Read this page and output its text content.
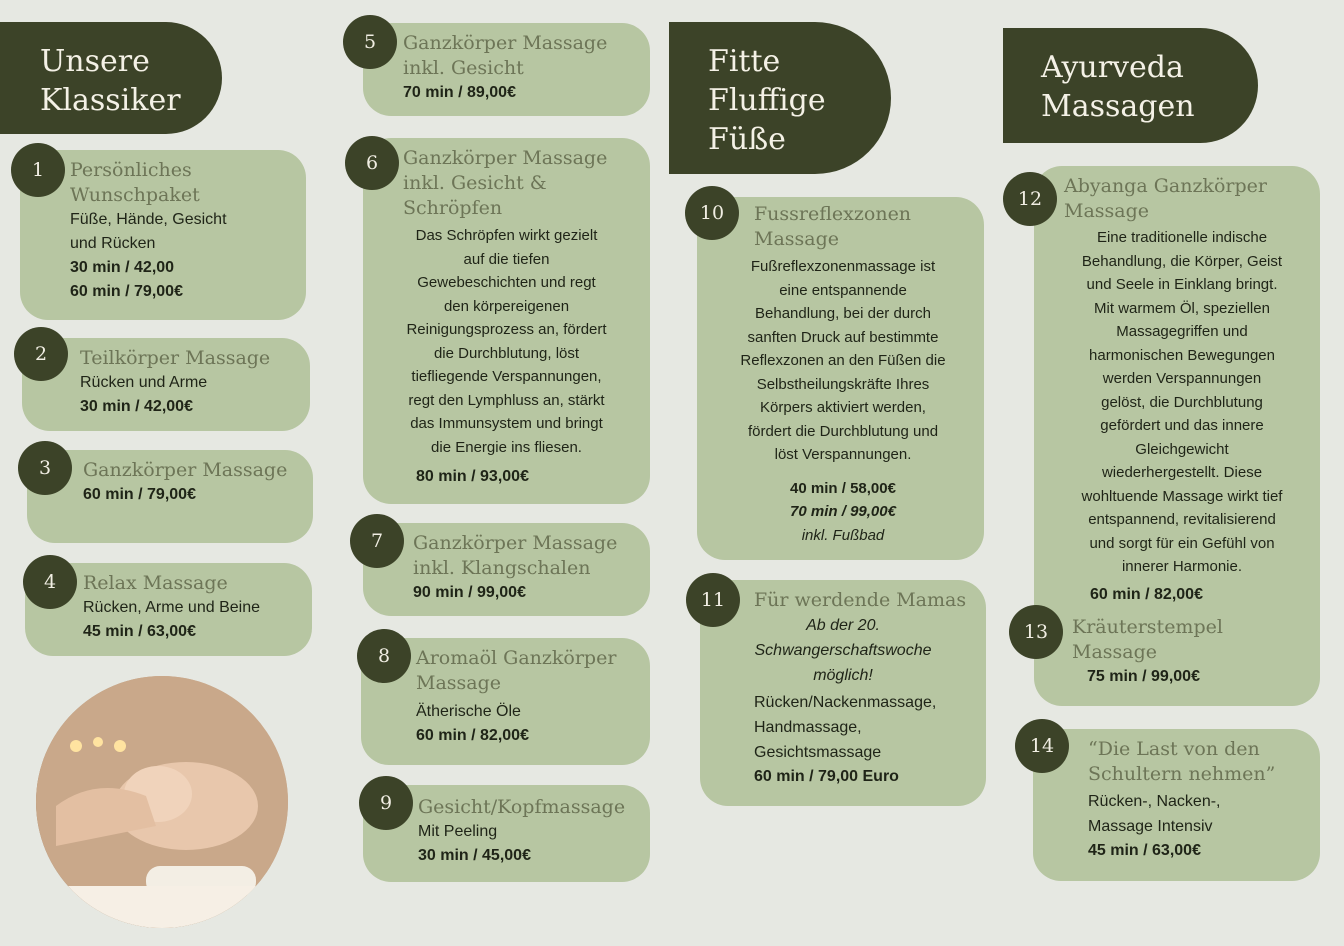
Unsere
Klassiker
Fitte
Fluffige
Füße
Ayurveda
Massagen
Persönliches
Wunschpaket
Füße, Hände, Gesicht
und Rücken
30 min / 42,00
60 min / 79,00€
1
Teilkörper Massage
Rücken und Arme
30 min / 42,00€
2
Ganzkörper Massage
60 min / 79,00€
3
Relax Massage
Rücken, Arme und Beine
45 min / 63,00€
4
Ganzkörper Massage
inkl. Gesicht
70 min / 89,00€
5
Ganzkörper Massage
inkl. Gesicht &
Schröpfen
Das Schröpfen wirkt gezielt
auf die tiefen
Gewebeschichten und regt
den körpereigenen
Reinigungsprozess an, fördert
die Durchblutung, löst
tiefliegende Verspannungen,
regt den Lymphluss an, stärkt
das Immunsystem und bringt
die Energie ins fliesen.
80 min / 93,00€
6
Ganzkörper Massage
inkl. Klangschalen
90 min / 99,00€
7
Aromaöl Ganzkörper
Massage
Ätherische Öle
60 min / 82,00€
8
Gesicht/Kopfmassage
Mit Peeling
30 min / 45,00€
9
Fussreflexzonen
Massage
Fußreflexzonenmassage ist
eine entspannende
Behandlung, bei der durch
sanften Druck auf bestimmte
Reflexzonen an den Füßen die
Selbstheilungskräfte Ihres
Körpers aktiviert werden,
fördert die Durchblutung und
löst Verspannungen.
40 min / 58,00€
70 min / 99,00€
inkl. Fußbad
10
Für werdende Mamas
Ab der 20.
Schwangerschaftswoche
möglich!
Rücken/Nackenmassage,
Handmassage,
Gesichtsmassage
60 min / 79,00 Euro
11
Abyanga Ganzkörper
Massage
Eine traditionelle indische
Behandlung, die Körper, Geist
und Seele in Einklang bringt.
Mit warmem Öl, speziellen
Massagegriffen und
harmonischen Bewegungen
werden Verspannungen
gelöst, die Durchblutung
gefördert und das innere
Gleichgewicht
wiederhergestellt. Diese
wohltuende Massage wirkt tief
entspannend, revitalisierend
und sorgt für ein Gefühl von
innerer Harmonie.
60 min / 82,00€
Kräuterstempel
Massage
75 min / 99,00€
12
13
“Die Last von den
Schultern nehmen”
Rücken-, Nacken-,
Massage Intensiv
45 min / 63,00€
14
